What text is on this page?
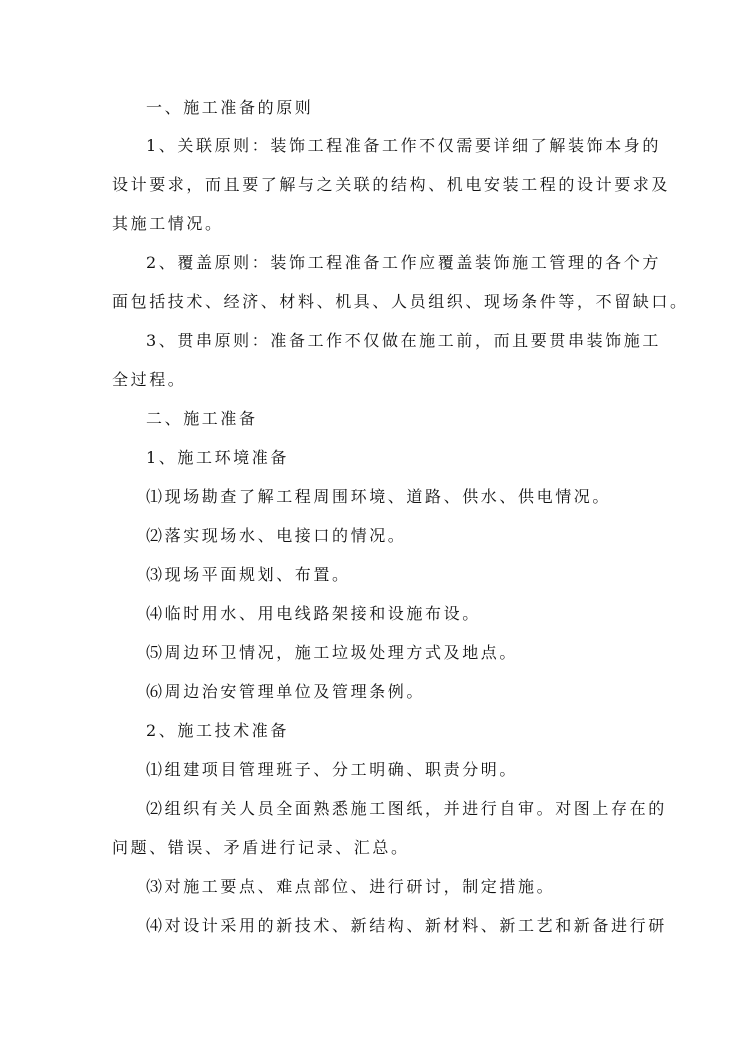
一、施工准备的原则
1、关联原则：装饰工程准备工作不仅需要详细了解装饰本身的
设计要求，而且要了解与之关联的结构、机电安装工程的设计要求及
其施工情况。
2、覆盖原则：装饰工程准备工作应覆盖装饰施工管理的各个方
面包括技术、经济、材料、机具、人员组织、现场条件等，不留缺口。
3、贯串原则：准备工作不仅做在施工前，而且要贯串装饰施工
全过程。
二、施工准备
1、施工环境准备
⑴现场勘查了解工程周围环境、道路、供水、供电情况。
⑵落实现场水、电接口的情况。
⑶现场平面规划、布置。
⑷临时用水、用电线路架接和设施布设。
⑸周边环卫情况，施工垃圾处理方式及地点。
⑹周边治安管理单位及管理条例。
2、施工技术准备
⑴组建项目管理班子、分工明确、职责分明。
⑵组织有关人员全面熟悉施工图纸，并进行自审。对图上存在的
问题、错误、矛盾进行记录、汇总。
⑶对施工要点、难点部位、进行研讨，制定措施。
⑷对设计采用的新技术、新结构、新材料、新工艺和新备进行研
